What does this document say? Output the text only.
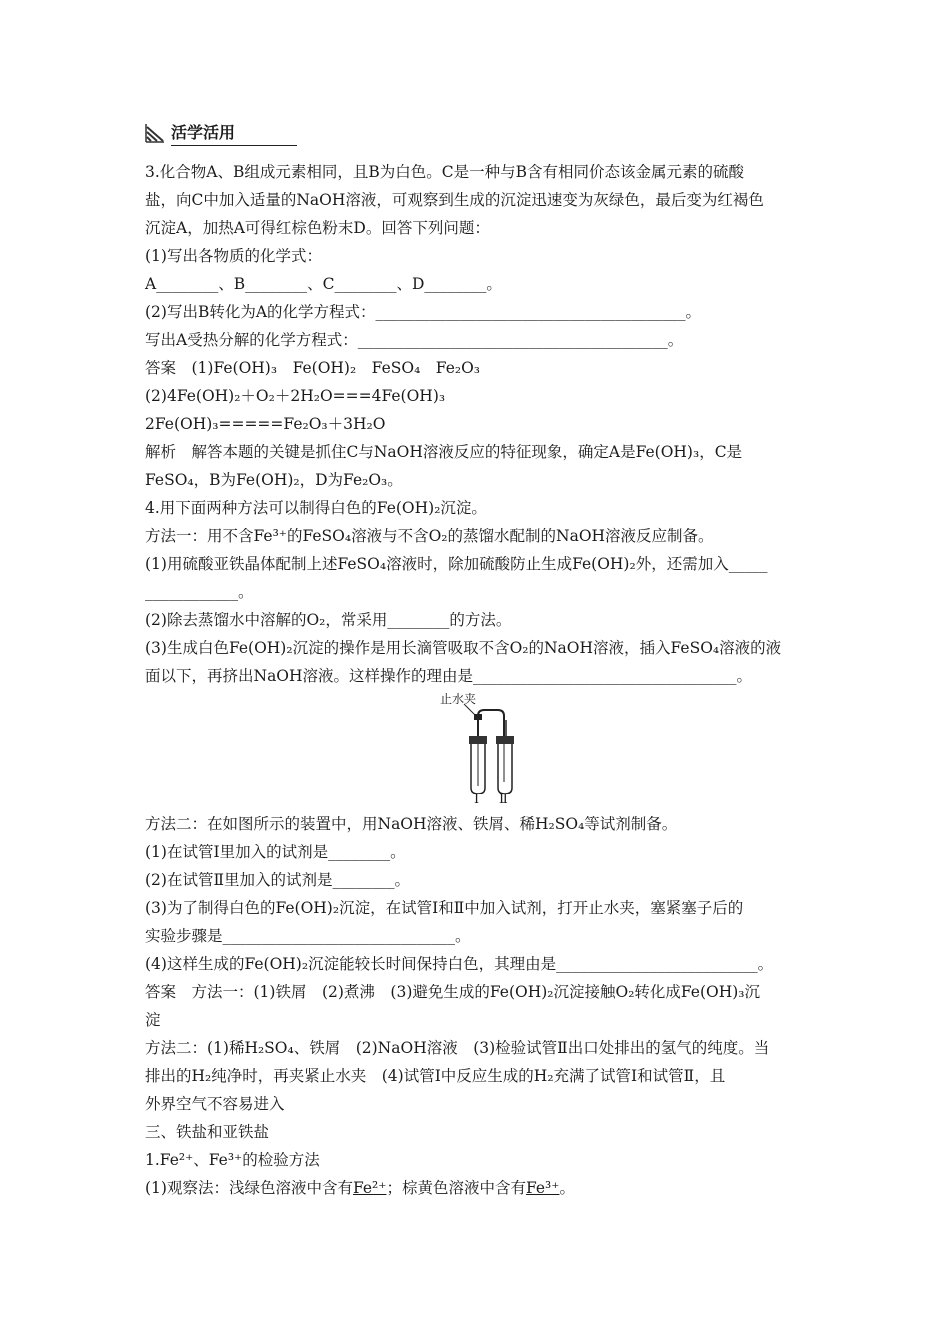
活学活用
3.化合物A、B组成元素相同，且B为白色。C是一种与B含有相同价态该金属元素的硫酸
盐，向C中加入适量的NaOH溶液，可观察到生成的沉淀迅速变为灰绿色，最后变为红褐色
沉淀A，加热A可得红棕色粉末D。回答下列问题：
(1)写出各物质的化学式：
A________、B________、C________、D________。
(2)写出B转化为A的化学方程式：________________________________________。
写出A受热分解的化学方程式：________________________________________。
答案　(1)Fe(OH)₃　Fe(OH)₂　FeSO₄　Fe₂O₃
(2)4Fe(OH)₂＋O₂＋2H₂O===4Fe(OH)₃
2Fe(OH)₃=====Fe₂O₃＋3H₂O
解析　解答本题的关键是抓住C与NaOH溶液反应的特征现象，确定A是Fe(OH)₃，C是
FeSO₄，B为Fe(OH)₂，D为Fe₂O₃。
4.用下面两种方法可以制得白色的Fe(OH)₂沉淀。
方法一：用不含Fe³⁺的FeSO₄溶液与不含O₂的蒸馏水配制的NaOH溶液反应制备。
(1)用硫酸亚铁晶体配制上述FeSO₄溶液时，除加硫酸防止生成Fe(OH)₂外，还需加入_____
____________。
(2)除去蒸馏水中溶解的O₂，常采用________的方法。
(3)生成白色Fe(OH)₂沉淀的操作是用长滴管吸取不含O₂的NaOH溶液，插入FeSO₄溶液的液
面以下，再挤出NaOH溶液。这样操作的理由是__________________________________。
止水夹
Ⅰ Ⅱ
方法二：在如图所示的装置中，用NaOH溶液、铁屑、稀H₂SO₄等试剂制备。
(1)在试管Ⅰ里加入的试剂是________。
(2)在试管Ⅱ里加入的试剂是________。
(3)为了制得白色的Fe(OH)₂沉淀，在试管Ⅰ和Ⅱ中加入试剂，打开止水夹，塞紧塞子后的
实验步骤是______________________________。
(4)这样生成的Fe(OH)₂沉淀能较长时间保持白色，其理由是__________________________。
答案　方法一：(1)铁屑　(2)煮沸　(3)避免生成的Fe(OH)₂沉淀接触O₂转化成Fe(OH)₃沉
淀
方法二：(1)稀H₂SO₄、铁屑　(2)NaOH溶液　(3)检验试管Ⅱ出口处排出的氢气的纯度。当
排出的H₂纯净时，再夹紧止水夹　(4)试管Ⅰ中反应生成的H₂充满了试管Ⅰ和试管Ⅱ，且
外界空气不容易进入
三、铁盐和亚铁盐
1.Fe²⁺、Fe³⁺的检验方法
(1)观察法：浅绿色溶液中含有Fe²⁺；棕黄色溶液中含有Fe³⁺。
